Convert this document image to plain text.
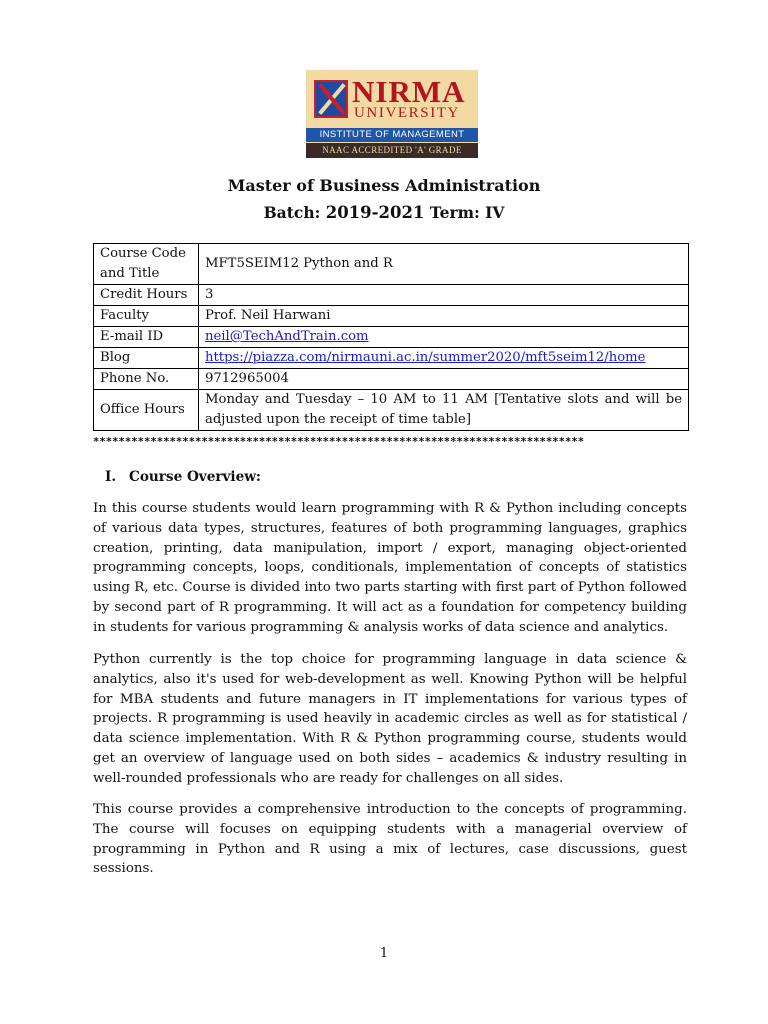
NIRMA
UNIVERSITY
INSTITUTE OF MANAGEMENT
NAAC ACCREDITED 'A' GRADE
Master of Business Administration
Batch: 2019-2021 Term: IV
Course Code and Title	MFT5SEIM12 Python and R
Credit Hours	3
Faculty	Prof. Neil Harwani
E-mail ID	neil@TechAndTrain.com
Blog	https://piazza.com/nirmauni.ac.in/summer2020/mft5seim12/home
Phone No.	9712965004
Office Hours	Monday and Tuesday – 10 AM to 11 AM [Tentative slots and will be adjusted upon the receipt of time table]
*****************************************************************************
I. Course Overview:

In this course students would learn programming with R & Python including concepts of various data types, structures, features of both programming languages, graphics creation, printing, data manipulation, import / export, managing object-oriented programming concepts, loops, conditionals, implementation of concepts of statistics using R, etc. Course is divided into two parts starting with first part of Python followed by second part of R programming. It will act as a foundation for competency building in students for various programming & analysis works of data science and analytics.

Python currently is the top choice for programming language in data science & analytics, also it's used for web-development as well. Knowing Python will be helpful for MBA students and future managers in IT implementations for various types of projects. R programming is used heavily in academic circles as well as for statistical / data science implementation. With R & Python programming course, students would get an overview of language used on both sides – academics & industry resulting in well-rounded professionals who are ready for challenges on all sides.

This course provides a comprehensive introduction to the concepts of programming. The course will focuses on equipping students with a managerial overview of programming in Python and R using a mix of lectures, case discussions, guest sessions.

1
